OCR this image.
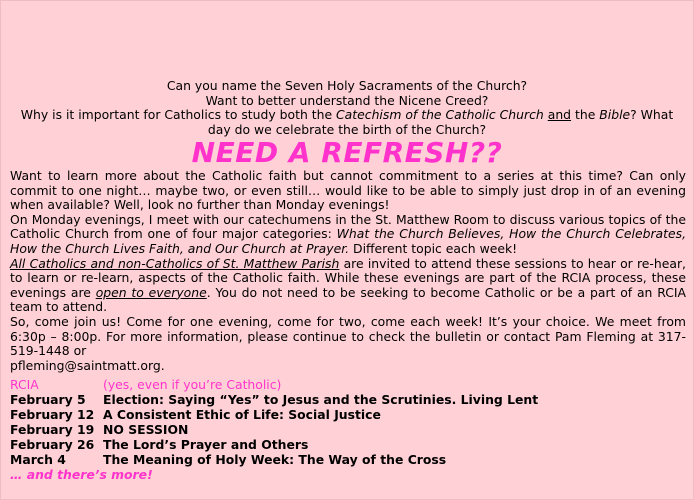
Can you name the Seven Holy Sacraments of the Church?
Want to better understand the Nicene Creed?
Why is it important for Catholics to study both the Catechism of the Catholic Church and the Bible? What day do we celebrate the birth of the Church?
NEED A REFRESH??

Want to learn more about the Catholic faith but cannot commitment to a series at this time? Can only commit to one night… maybe two, or even still… would like to be able to simply just drop in of an evening when available? Well, look no further than Monday evenings!

On Monday evenings, I meet with our catechumens in the St. Matthew Room to discuss various topics of the Catholic Church from one of four major categories: What the Church Believes, How the Church Celebrates, How the Church Lives Faith, and Our Church at Prayer. Different topic each week!

All Catholics and non-Catholics of St. Matthew Parish are invited to attend these sessions to hear or re-hear, to learn or re-learn, aspects of the Catholic faith. While these evenings are part of the RCIA process, these evenings are open to everyone. You do not need to be seeking to become Catholic or be a part of an RCIA team to attend.

So, come join us! Come for one evening, come for two, come each week! It’s your choice. We meet from 6:30p – 8:00p. For more information, please continue to check the bulletin or contact Pam Fleming at 317-519-1448 or

pfleming@saintmatt.org.

RCIA	(yes, even if you’re Catholic)
February 5	Election: Saying “Yes” to Jesus and the Scrutinies. Living Lent
February 12 A Consistent Ethic of Life: Social Justice
February 19 NO SESSION
February 26 The Lord’s Prayer and Others
March 4	The Meaning of Holy Week: The Way of the Cross
… and there’s more!
